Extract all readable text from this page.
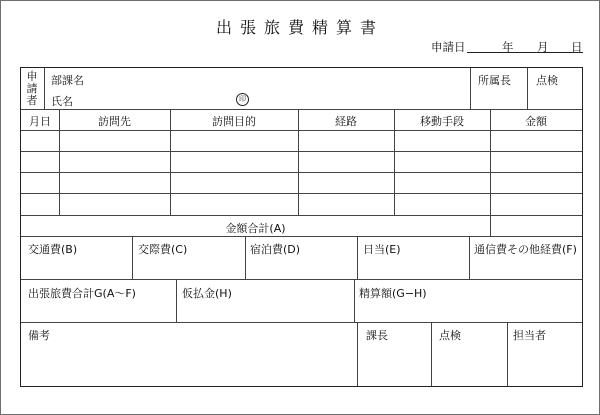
出張旅費精算書
申請日	年 月 日
申
請
者
部課名
氏名	印
所属長 点検
月日	訪問先	訪問目的	経路	移動手段	金額
金額合計(A)
交通費(B)	交際費(C)	宿泊費(D)	日当(E)	通信費その他経費(F)
出張旅費合計G(A〜F)	仮払金(H)	精算額(G−H)
備考	課長	点検	担当者
